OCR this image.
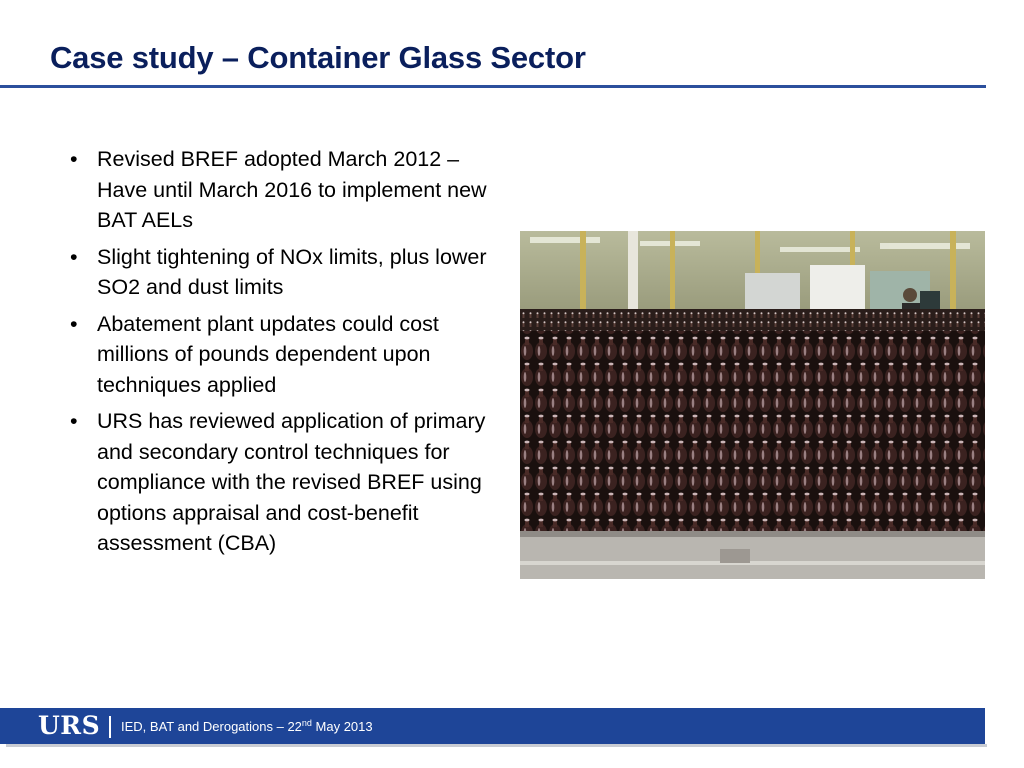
Case study – Container Glass Sector
• Revised BREF adopted March 2012 – Have until March 2016 to implement new BAT AELs
• Slight tightening of NOx limits, plus lower SO2 and dust limits
• Abatement plant updates could cost millions of pounds dependent upon techniques applied
• URS has reviewed application of primary and secondary control techniques for compliance with the revised BREF using options appraisal and cost-benefit assessment (CBA)
URS IED, BAT and Derogations – 22nd May 2013
